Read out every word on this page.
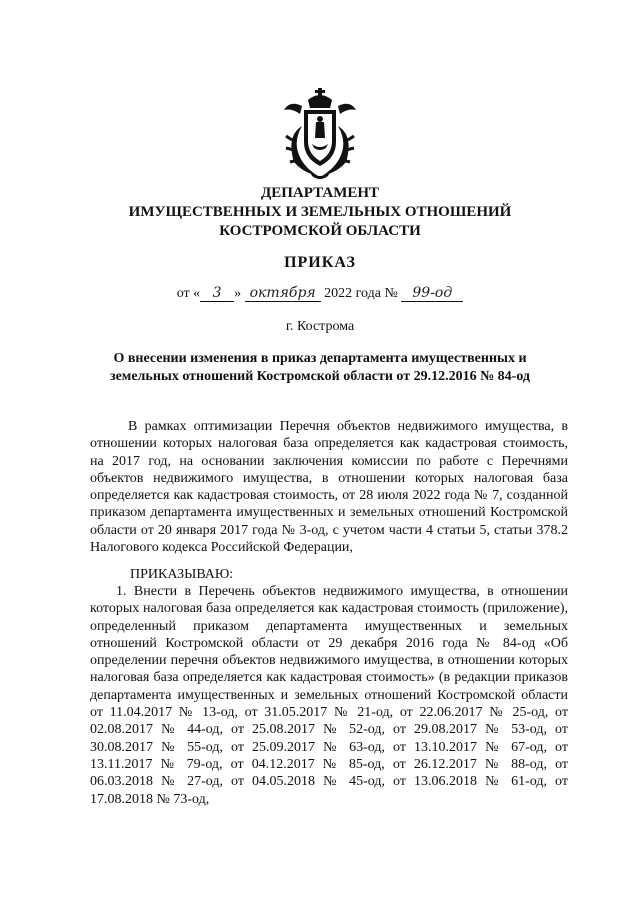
ДЕПАРТАМЕНТ
ИМУЩЕСТВЕННЫХ И ЗЕМЕЛЬНЫХ ОТНОШЕНИЙ
КОСТРОМСКОЙ ОБЛАСТИ
ПРИКАЗ
от « 3 » октября 2022 года № 99-од
г. Кострома
О внесении изменения в приказ департамента имущественных и
земельных отношений Костромской области от 29.12.2016 № 84-од

В рамках оптимизации Перечня объектов недвижимого имущества, в отношении которых налоговая база определяется как кадастровая стоимость, на 2017 год, на основании заключения комиссии по работе с Перечнями объектов недвижимого имущества, в отношении которых налоговая база определяется как кадастровая стоимость, от 28 июля 2022 года № 7, созданной приказом департамента имущественных и земельных отношений Костромской области от 20 января 2017 года № 3-од, с учетом части 4 статьи 5, статьи 378.2 Налогового кодекса Российской Федерации,

ПРИКАЗЫВАЮ:

1. Внести в Перечень объектов недвижимого имущества, в отношении которых налоговая база определяется как кадастровая стоимость (приложение), определенный приказом департамента имущественных и земельных отношений Костромской области от 29 декабря 2016 года № 84-од «Об определении перечня объектов недвижимого имущества, в отношении которых налоговая база определяется как кадастровая стоимость» (в редакции приказов департамента имущественных и земельных отношений Костромской области от 11.04.2017 № 13-од, от 31.05.2017 № 21-од, от 22.06.2017 № 25-од, от 02.08.2017 № 44-од, от 25.08.2017 № 52-од, от 29.08.2017 № 53-од, от 30.08.2017 № 55-од, от 25.09.2017 № 63-од, от 13.10.2017 № 67-од, от 13.11.2017 № 79-од, от 04.12.2017 № 85-од, от 26.12.2017 № 88-од, от 06.03.2018 № 27-од, от 04.05.2018 № 45-од, от 13.06.2018 № 61-од, от 17.08.2018 № 73-од,
